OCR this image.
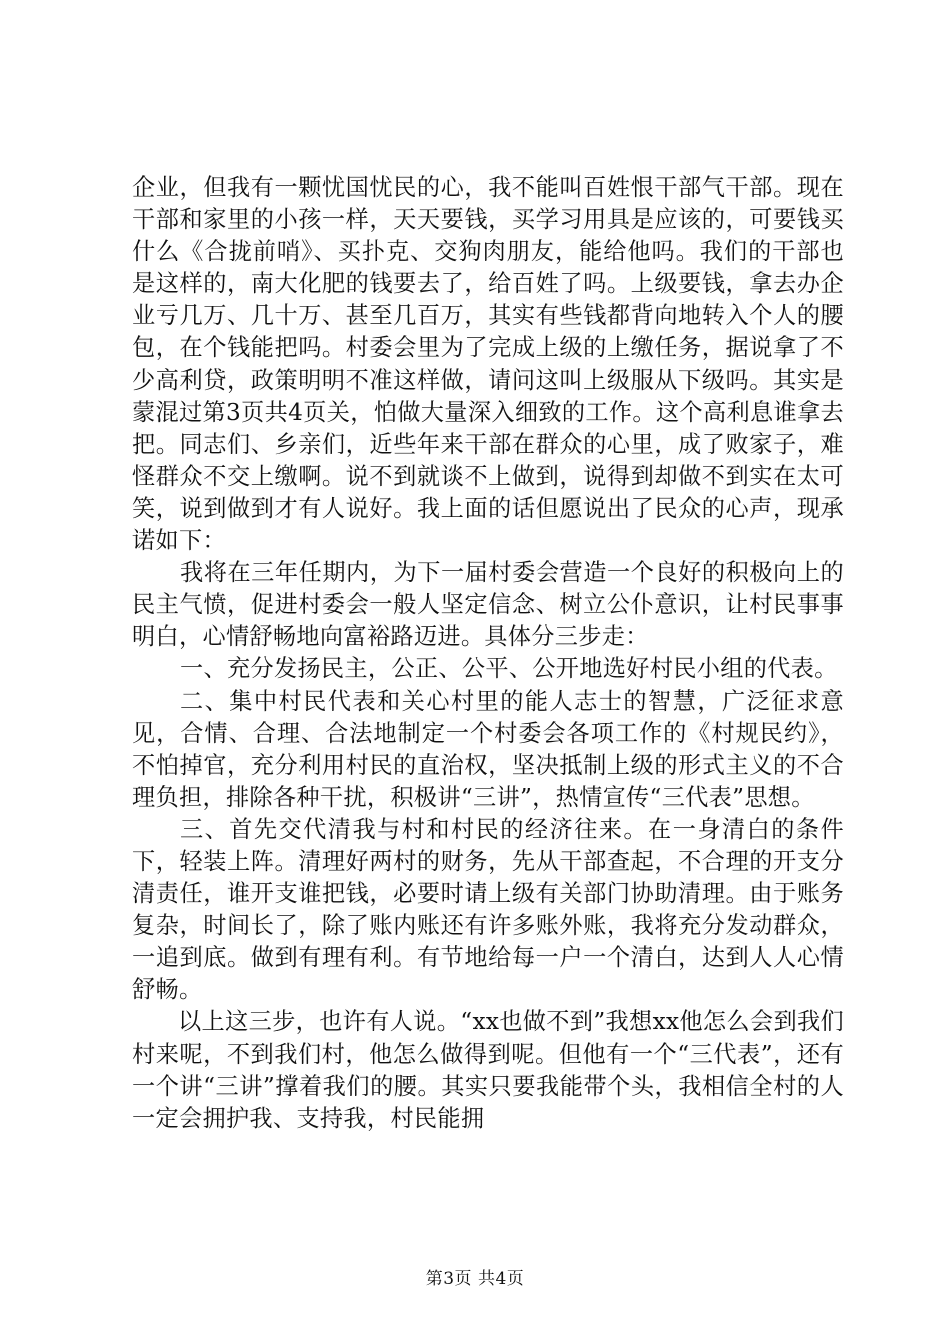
企业，但我有一颗忧国忧民的心，我不能叫百姓恨干部气干部。现在干部和家里的小孩一样，天天要钱，买学习用具是应该的，可要钱买什么《合拢前哨》、买扑克、交狗肉朋友，能给他吗。我们的干部也是这样的，南大化肥的钱要去了，给百姓了吗。上级要钱，拿去办企业亏几万、几十万、甚至几百万，其实有些钱都背向地转入个人的腰包，在个钱能把吗。村委会里为了完成上级的上缴任务，据说拿了不少高利贷，政策明明不准这样做，请问这叫上级服从下级吗。其实是蒙混过第3页共4页关，怕做大量深入细致的工作。这个高利息谁拿去把。同志们、乡亲们，近些年来干部在群众的心里，成了败家子，难怪群众不交上缴啊。说不到就谈不上做到，说得到却做不到实在太可笑，说到做到才有人说好。我上面的话但愿说出了民众的心声，现承诺如下：

我将在三年任期内，为下一届村委会营造一个良好的积极向上的民主气愤，促进村委会一般人坚定信念、树立公仆意识，让村民事事明白，心情舒畅地向富裕路迈进。具体分三步走：

一、充分发扬民主，公正、公平、公开地选好村民小组的代表。

二、集中村民代表和关心村里的能人志士的智慧，广泛征求意见，合情、合理、合法地制定一个村委会各项工作的《村规民约》，不怕掉官，充分利用村民的直治权，坚决抵制上级的形式主义的不合理负担，排除各种干扰，积极讲“三讲”，热情宣传“三代表”思想。

三、首先交代清我与村和村民的经济往来。在一身清白的条件下，轻装上阵。清理好两村的财务，先从干部查起，不合理的开支分清责任，谁开支谁把钱，必要时请上级有关部门协助清理。由于账务复杂，时间长了，除了账内账还有许多账外账，我将充分发动群众，一追到底。做到有理有利。有节地给每一户一个清白，达到人人心情舒畅。

以上这三步，也许有人说。“xx也做不到”我想xx他怎么会到我们村来呢，不到我们村，他怎么做得到呢。但他有一个“三代表”，还有一个讲“三讲”撑着我们的腰。其实只要我能带个头，我相信全村的人一定会拥护我、支持我，村民能拥

第3页 共4页
